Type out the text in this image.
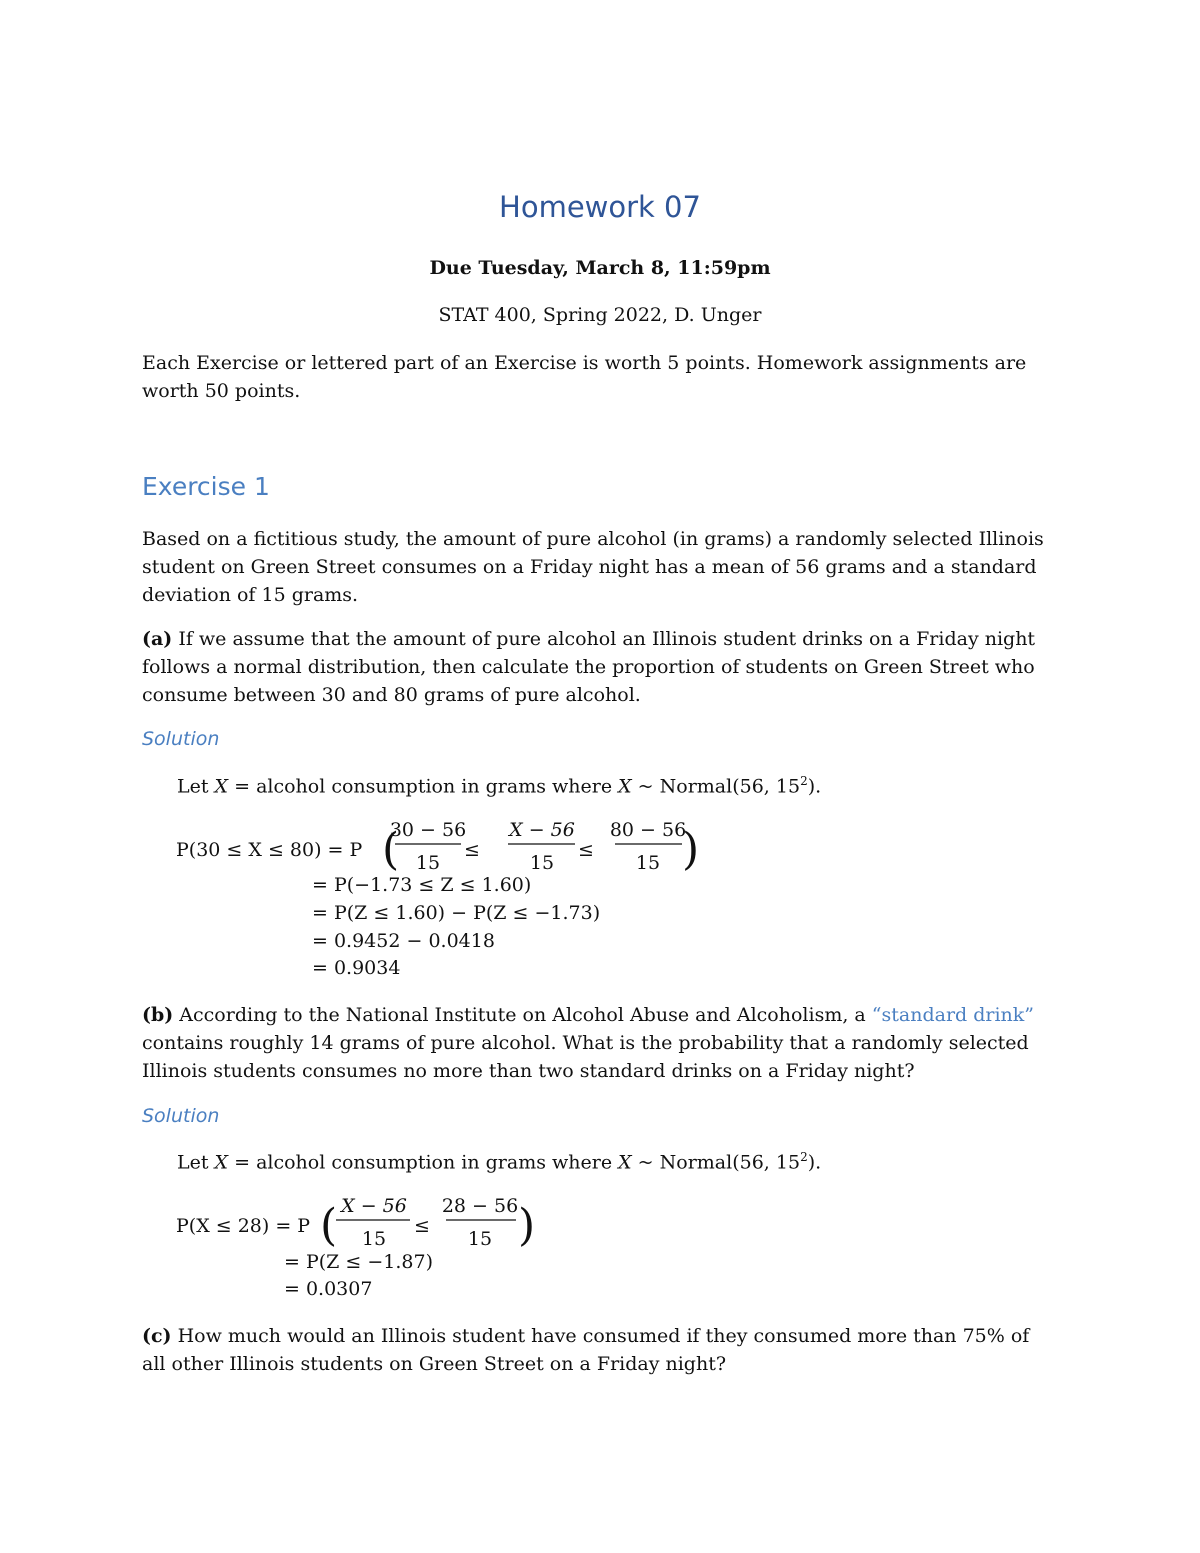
Homework 07
Due Tuesday, March 8, 11:59pm
STAT 400, Spring 2022, D. Unger
Each Exercise or lettered part of an Exercise is worth 5 points. Homework assignments are worth 50 points.
Exercise 1
Based on a fictitious study, the amount of pure alcohol (in grams) a randomly selected Illinois student on Green Street consumes on a Friday night has a mean of 56 grams and a standard deviation of 15 grams.
(a) If we assume that the amount of pure alcohol an Illinois student drinks on a Friday night follows a normal distribution, then calculate the proportion of students on Green Street who consume between 30 and 80 grams of pure alcohol.
Solution
Let X = alcohol consumption in grams where X ~ Normal(56, $15^2$).
P(30 ≤ X ≤ 80) = P (
30 − 56
15
≤
X − 56
15
≤
80 − 56
15 )
= P(−1.73 ≤ Z ≤ 1.60)
= P(Z ≤ 1.60) − P(Z ≤ −1.73)
= 0.9452 − 0.0418
= 0.9034
(b) According to the National Institute on Alcohol Abuse and Alcoholism, a “standard drink” contains roughly 14 grams of pure alcohol. What is the probability that a randomly selected Illinois students consumes no more than two standard drinks on a Friday night?
Solution
Let X = alcohol consumption in grams where X ~ Normal(56, $15^2$).
P(X ≤ 28) = P ( X − 56
15
≤
28 − 56
15 )
= P(Z ≤ −1.87)
= 0.0307
(c) How much would an Illinois student have consumed if they consumed more than 75% of all other Illinois students on Green Street on a Friday night?
